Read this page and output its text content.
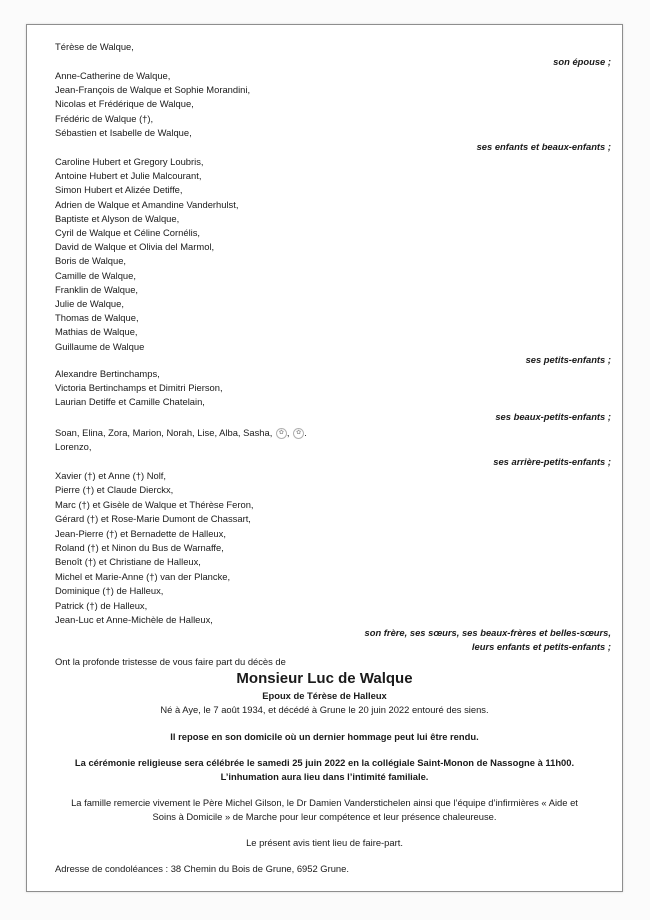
Térèse de Walque,
son épouse ;
Anne-Catherine de Walque,
Jean-François de Walque et Sophie Morandini,
Nicolas et Frédérique de Walque,
Frédéric de Walque (†),
Sébastien et Isabelle de Walque,
ses enfants et beaux-enfants ;
Caroline Hubert et Gregory Loubris,
Antoine Hubert et Julie Malcourant,
Simon Hubert et Alizée Detiffe,
Adrien de Walque et Amandine Vanderhulst,
Baptiste et Alyson de Walque,
Cyril de Walque et Céline Cornélis,
David de Walque et Olivia del Marmol,
Boris de Walque,
Camille de Walque,
Franklin de Walque,
Julie de Walque,
Thomas de Walque,
Mathias de Walque,
Guillaume de Walque
ses petits-enfants ;
Alexandre Bertinchamps,
Victoria Bertinchamps et Dimitri Pierson,
Laurian Detiffe et Camille Chatelain,
ses beaux-petits-enfants ;
Soan, Elina, Zora, Marion, Norah, Lise, Alba, Sasha, ✿ , ✿ .
Lorenzo,
ses arrière-petits-enfants ;
Xavier (†) et Anne (†) Nolf,
Pierre (†) et Claude Dierckx,
Marc (†) et Gisèle de Walque et Thérèse Feron,
Gérard (†) et Rose-Marie Dumont de Chassart,
Jean-Pierre (†) et Bernadette de Halleux,
Roland (†) et Ninon du Bus de Warnaffe,
Benoît (†) et Christiane de Halleux,
Michel et Marie-Anne (†) van der Plancke,
Dominique (†) de Halleux,
Patrick (†) de Halleux,
Jean-Luc et Anne-Michèle de Halleux,
son frère, ses sœurs, ses beaux-frères et belles-sœurs,
leurs enfants et petits-enfants ;
Ont la profonde tristesse de vous faire part du décès de
Monsieur Luc de Walque
Epoux de Térèse de Halleux
Né à Aye, le 7 août 1934, et décédé à Grune le 20 juin 2022 entouré des siens.
Il repose en son domicile où un dernier hommage peut lui être rendu.
La cérémonie religieuse sera célébrée le samedi 25 juin 2022 en la collégiale Saint-Monon de Nassogne à 11h00.
L’inhumation aura lieu dans l’intimité familiale.
La famille remercie vivement le Père Michel Gilson, le Dr Damien Vanderstichelen ainsi que l’équipe d’infirmières « Aide et
Soins à Domicile » de Marche pour leur compétence et leur présence chaleureuse.
Le présent avis tient lieu de faire-part.
Adresse de condoléances : 38 Chemin du Bois de Grune, 6952 Grune.
